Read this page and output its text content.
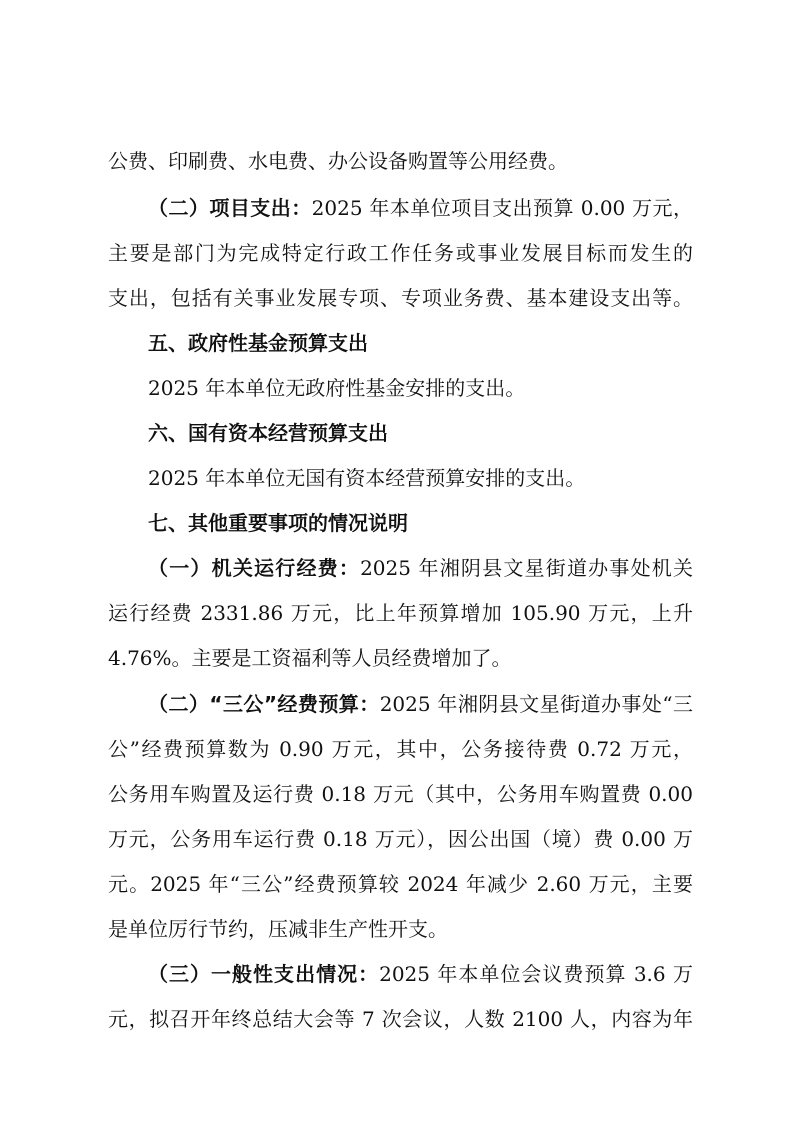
公费、印刷费、水电费、办公设备购置等公用经费。
（二）项目支出：2025 年本单位项目支出预算 0.00 万元，
主要是部门为完成特定行政工作任务或事业发展目标而发生的
支出，包括有关事业发展专项、专项业务费、基本建设支出等。
五、政府性基金预算支出
2025 年本单位无政府性基金安排的支出。
六、国有资本经营预算支出
2025 年本单位无国有资本经营预算安排的支出。
七、其他重要事项的情况说明
（一）机关运行经费：2025 年湘阴县文星街道办事处机关
运行经费 2331.86 万元，比上年预算增加 105.90 万元，上升
4.76%。主要是工资福利等人员经费增加了。
（二）“三公”经费预算：2025 年湘阴县文星街道办事处“三
公”经费预算数为 0.90 万元，其中，公务接待费 0.72 万元，
公务用车购置及运行费 0.18 万元（其中，公务用车购置费 0.00
万元，公务用车运行费 0.18 万元），因公出国（境）费 0.00 万
元。2025 年“三公”经费预算较 2024 年减少 2.60 万元，主要
是单位厉行节约，压减非生产性开支。
（三）一般性支出情况：2025 年本单位会议费预算 3.6 万
元，拟召开年终总结大会等 7 次会议，人数 2100 人，内容为年
